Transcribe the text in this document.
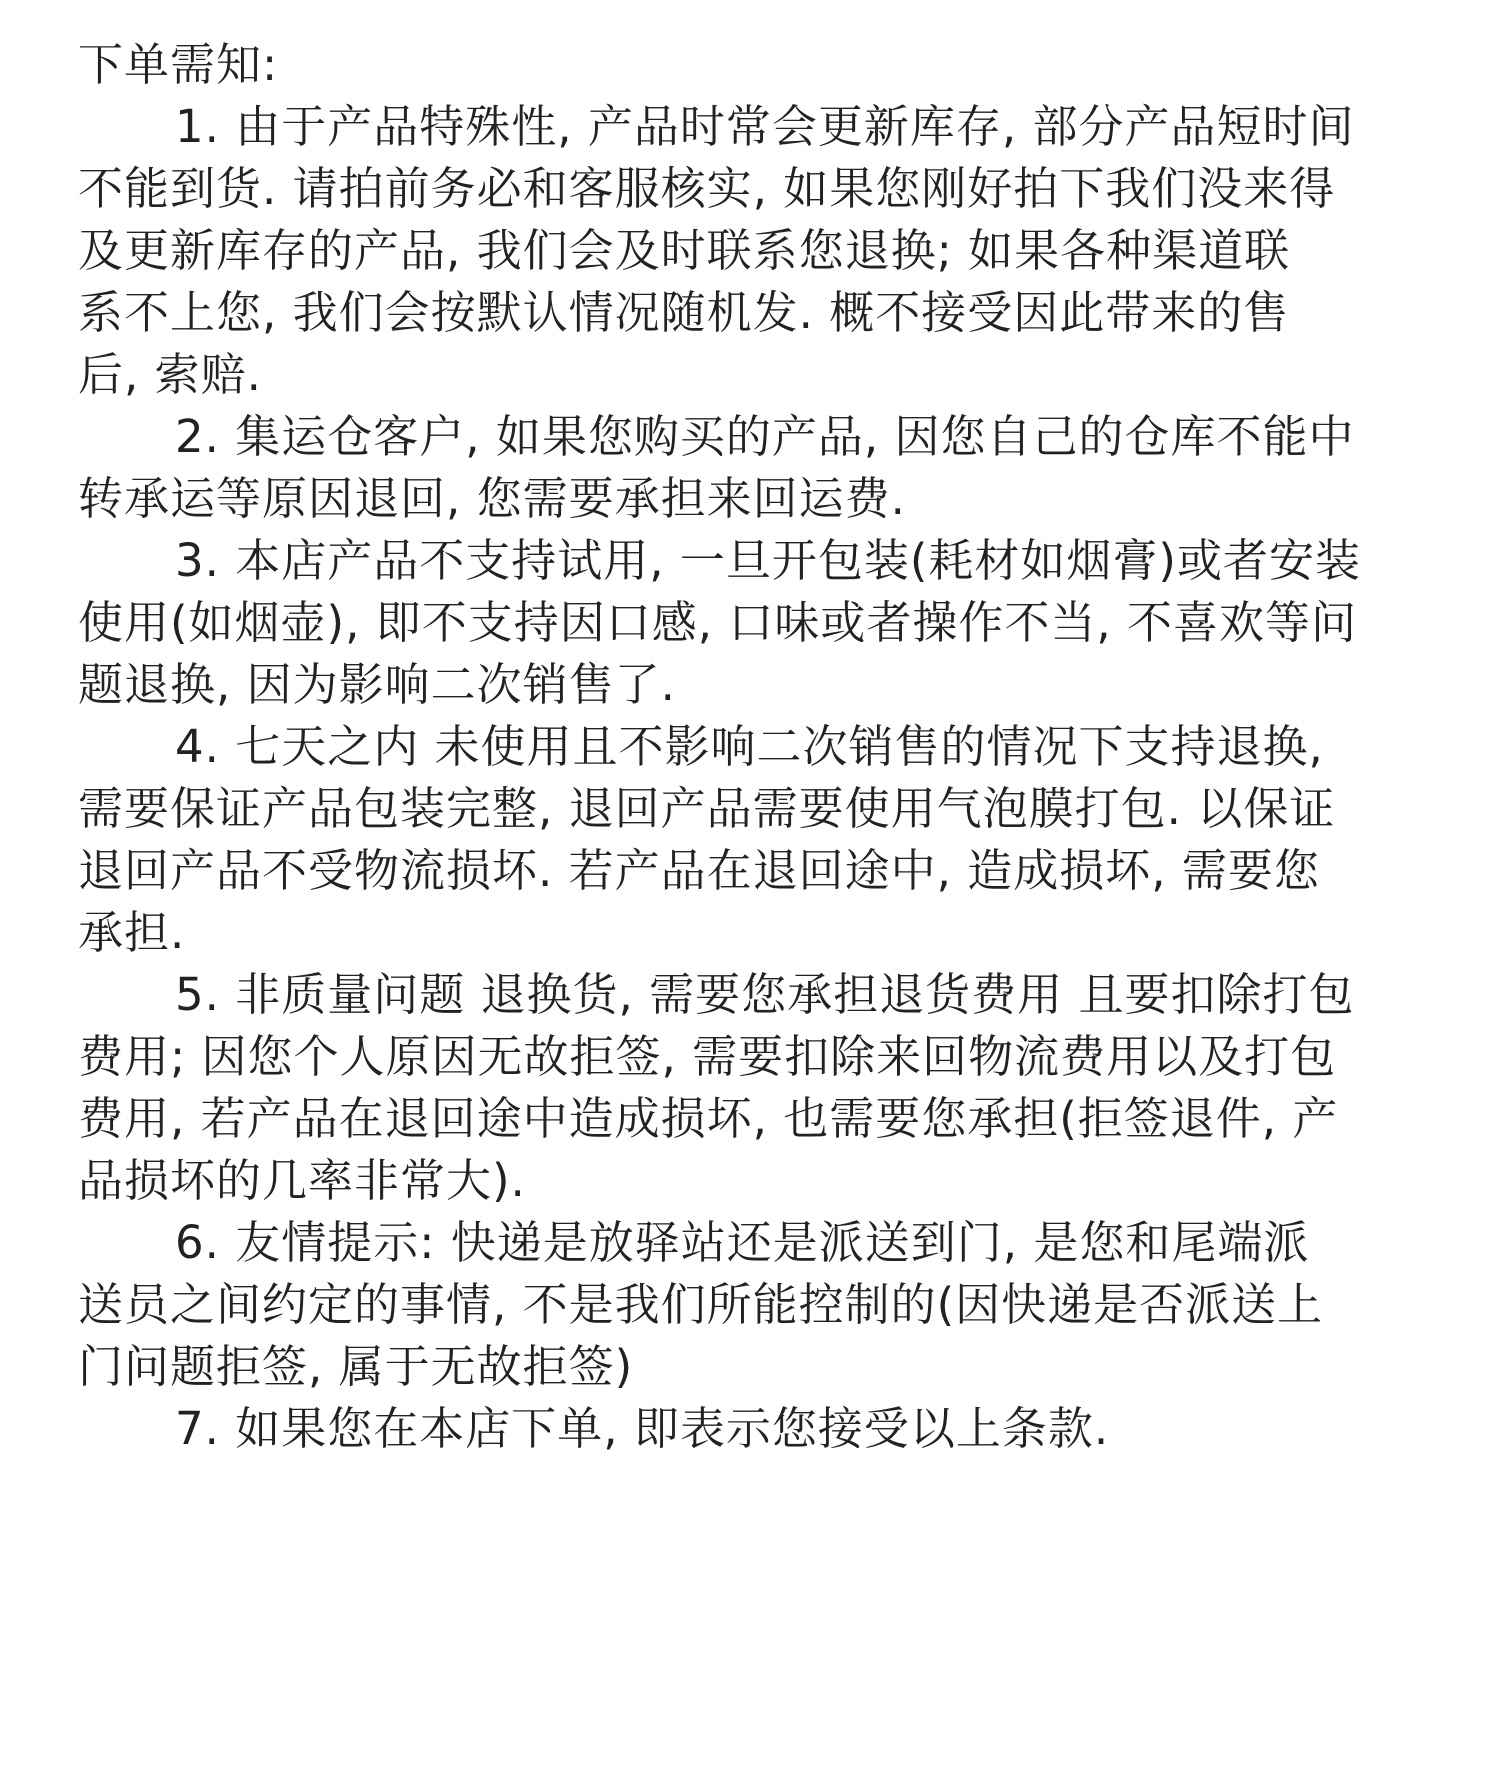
下单需知:
1. 由于产品特殊性, 产品时常会更新库存, 部分产品短时间
不能到货. 请拍前务必和客服核实, 如果您刚好拍下我们没来得
及更新库存的产品, 我们会及时联系您退换; 如果各种渠道联
系不上您, 我们会按默认情况随机发. 概不接受因此带来的售
后, 索赔.
2. 集运仓客户, 如果您购买的产品, 因您自己的仓库不能中
转承运等原因退回, 您需要承担来回运费.
3. 本店产品不支持试用, 一旦开包装(耗材如烟膏)或者安装
使用(如烟壶), 即不支持因口感, 口味或者操作不当, 不喜欢等问
题退换, 因为影响二次销售了.
4. 七天之内 未使用且不影响二次销售的情况下支持退换,
需要保证产品包装完整, 退回产品需要使用气泡膜打包. 以保证
退回产品不受物流损坏. 若产品在退回途中, 造成损坏, 需要您
承担.
5. 非质量问题 退换货, 需要您承担退货费用 且要扣除打包
费用; 因您个人原因无故拒签, 需要扣除来回物流费用以及打包
费用, 若产品在退回途中造成损坏, 也需要您承担(拒签退件, 产
品损坏的几率非常大).
6. 友情提示: 快递是放驿站还是派送到门, 是您和尾端派
送员之间约定的事情, 不是我们所能控制的(因快递是否派送上
门问题拒签, 属于无故拒签)
7. 如果您在本店下单, 即表示您接受以上条款.
